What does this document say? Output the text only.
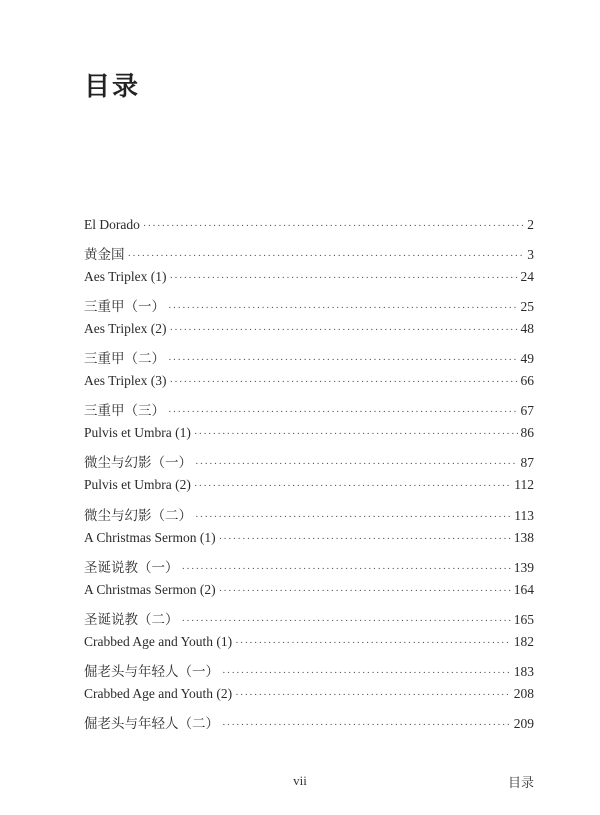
目录
El Dorado ·····	2
黄金国 ·····	3
Aes Triplex (1) ·····	24
三重甲（一） ·····	25
Aes Triplex (2) ·····	48
三重甲（二） ·····	49
Aes Triplex (3) ·····	66
三重甲（三） ·····	67
Pulvis et Umbra (1) ·····	86
微尘与幻影（一） ·····	87
Pulvis et Umbra (2) ·····	112
微尘与幻影（二） ·····	113
A Christmas Sermon (1) ·····	138
圣诞说教（一） ·····	139
A Christmas Sermon (2) ·····	164
圣诞说教（二） ·····	165
Crabbed Age and Youth (1) ·····	182
倔老头与年轻人（一） ·····	183
Crabbed Age and Youth (2) ·····	208
倔老头与年轻人（二） ·····	209
vii	目录
